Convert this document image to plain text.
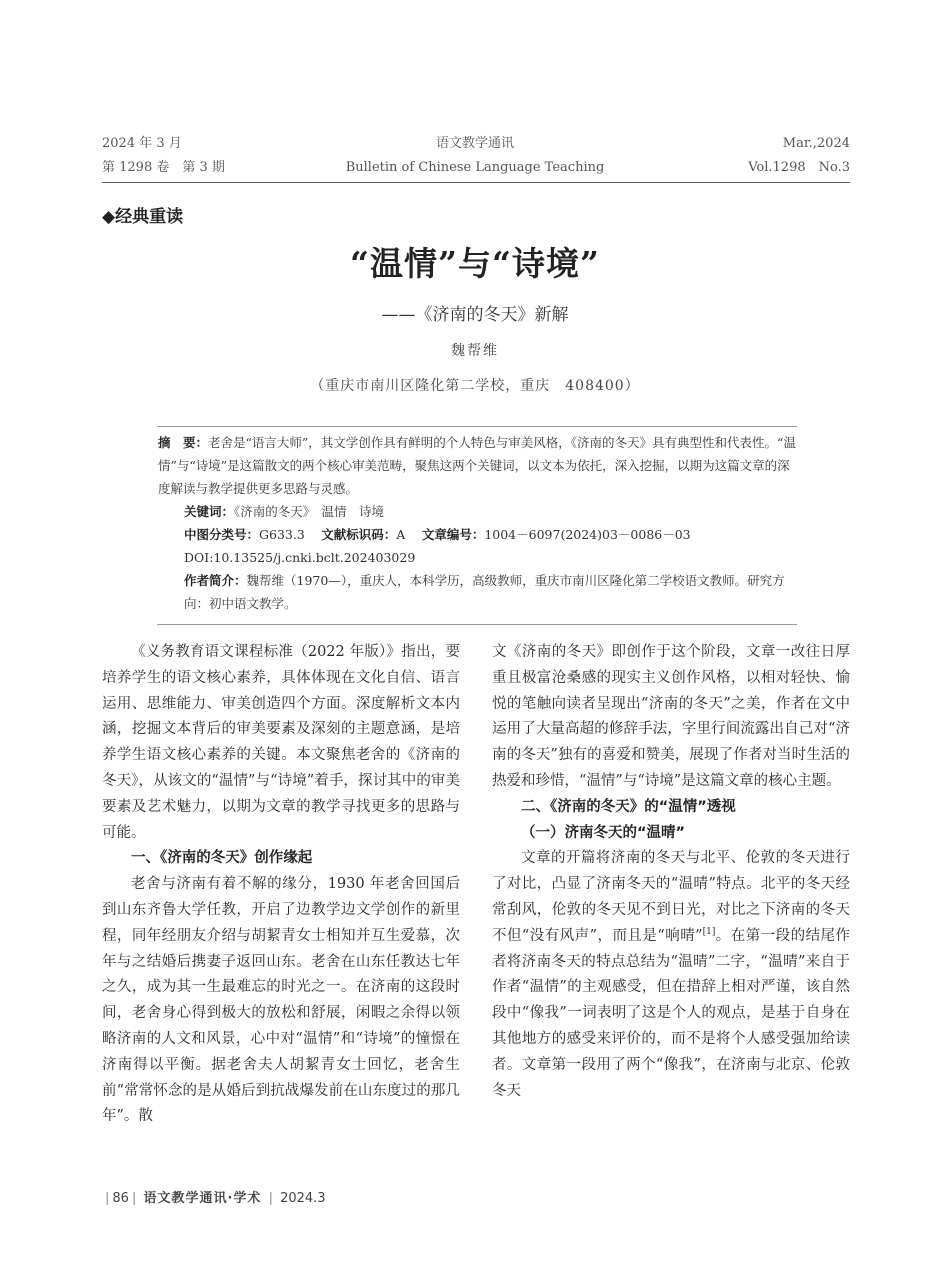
2024 年 3 月
第 1298 卷　第 3 期
语文教学通讯
Bulletin of Chinese Language Teaching
Mar.,2024
Vol.1298　No.3
◆经典重读
“温情”与“诗境”
——《济南的冬天》新解
魏帮维
（重庆市南川区隆化第二学校，重庆　408400）

摘　要：老舍是“语言大师”，其文学创作具有鲜明的个人特色与审美风格，《济南的冬天》具有典型性和代表性。“温情”与“诗境”是这篇散文的两个核心审美范畴，聚焦这两个关键词，以文本为依托，深入挖掘，以期为这篇文章的深度解读与教学提供更多思路与灵感。

关键词：《济南的冬天》　温情　诗境

中图分类号：G633.3　 文献标识码：A　 文章编号：1004－6097(2024)03－0086－03

DOI:10.13525/j.cnki.bclt.202403029

作者简介：魏帮维（1970—），重庆人，本科学历，高级教师，重庆市南川区隆化第二学校语文教师。研究方向：初中语文教学。

《义务教育语文课程标准（2022 年版）》指出，要培养学生的语文核心素养，具体体现在文化自信、语言运用、思维能力、审美创造四个方面。深度解析文本内涵，挖掘文本背后的审美要素及深刻的主题意涵，是培养学生语文核心素养的关键。本文聚焦老舍的《济南的冬天》，从该文的“温情”与“诗境”着手，探讨其中的审美要素及艺术魅力，以期为文章的教学寻找更多的思路与可能。

一、《济南的冬天》创作缘起

老舍与济南有着不解的缘分，1930 年老舍回国后到山东齐鲁大学任教，开启了边教学边文学创作的新里程，同年经朋友介绍与胡絜青女士相知并互生爱慕，次年与之结婚后携妻子返回山东。老舍在山东任教达七年之久，成为其一生最难忘的时光之一。在济南的这段时间，老舍身心得到极大的放松和舒展，闲暇之余得以领略济南的人文和风景，心中对“温情”和“诗境”的憧憬在济南得以平衡。据老舍夫人胡絜青女士回忆，老舍生前“常常怀念的是从婚后到抗战爆发前在山东度过的那几年”。散

文《济南的冬天》即创作于这个阶段，文章一改往日厚重且极富沧桑感的现实主义创作风格，以相对轻快、愉悦的笔触向读者呈现出“济南的冬天”之美，作者在文中运用了大量高超的修辞手法，字里行间流露出自己对“济南的冬天”独有的喜爱和赞美，展现了作者对当时生活的热爱和珍惜，“温情”与“诗境”是这篇文章的核心主题。

二、《济南的冬天》的“温情”透视

（一）济南冬天的“温晴”

文章的开篇将济南的冬天与北平、伦敦的冬天进行了对比，凸显了济南冬天的“温晴”特点。北平的冬天经常刮风，伦敦的冬天见不到日光，对比之下济南的冬天不但“没有风声”，而且是“响晴”[1]。在第一段的结尾作者将济南冬天的特点总结为“温晴”二字，“温晴”来自于作者“温情”的主观感受，但在措辞上相对严谨，该自然段中“像我”一词表明了这是个人的观点，是基于自身在其他地方的感受来评价的，而不是将个人感受强加给读者。文章第一段用了两个“像我”，在济南与北京、伦敦冬天

| 86 | 语文教学通讯·学术 | 2024.3
